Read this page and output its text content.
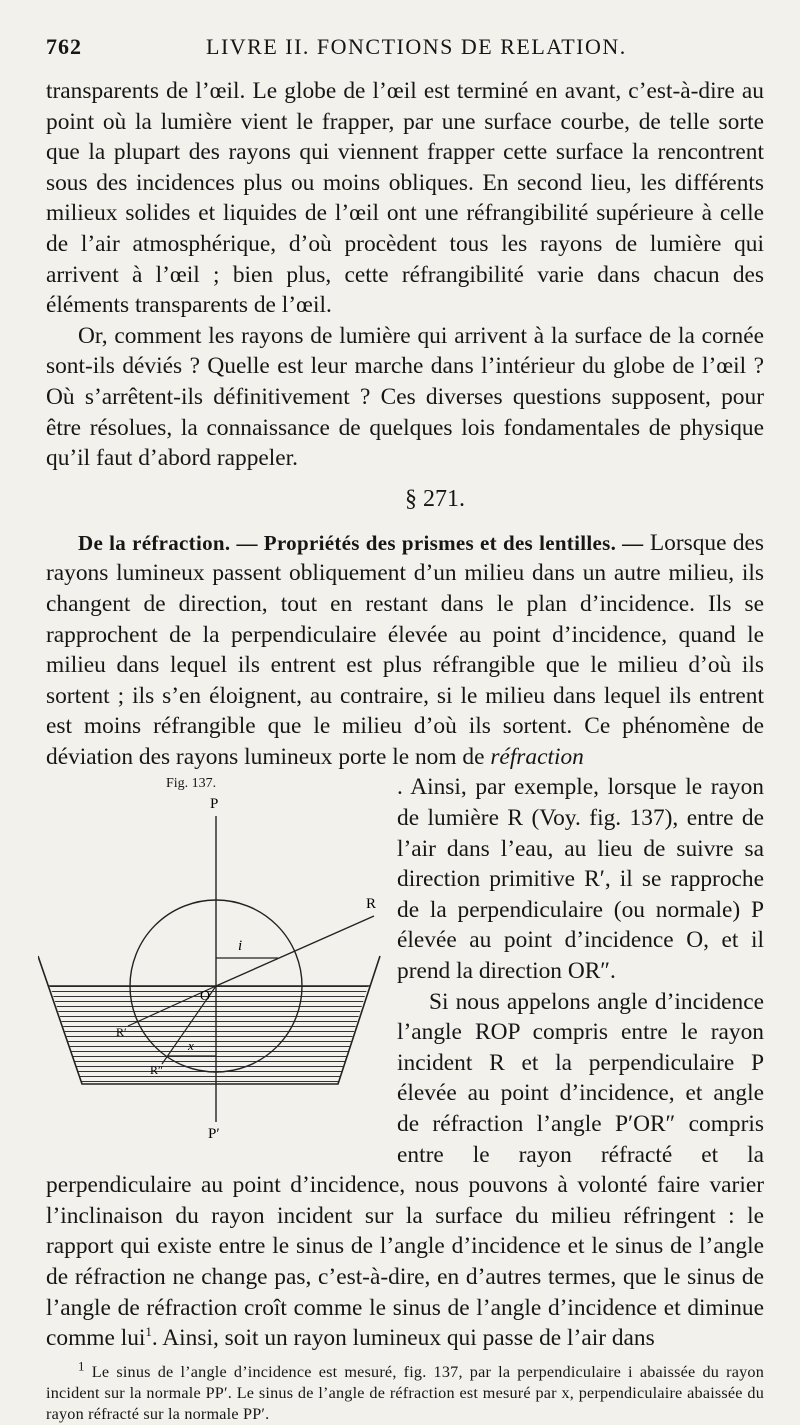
762	LIVRE II. FONCTIONS DE RELATION.

transparents de l’œil. Le globe de l’œil est terminé en avant, c’est-à-dire au point où la lumière vient le frapper, par une surface courbe, de telle sorte que la plupart des rayons qui viennent frapper cette surface la rencontrent sous des incidences plus ou moins obliques. En second lieu, les différents milieux solides et liquides de l’œil ont une réfrangibilité supérieure à celle de l’air atmosphérique, d’où procèdent tous les rayons de lumière qui arrivent à l’œil ; bien plus, cette réfrangibilité varie dans chacun des éléments transparents de l’œil.

Or, comment les rayons de lumière qui arrivent à la surface de la cornée sont-ils déviés ? Quelle est leur marche dans l’intérieur du globe de l’œil ? Où s’arrêtent-ils définitivement ? Ces diverses questions supposent, pour être résolues, la connaissance de quelques lois fondamentales de physique qu’il faut d’abord rappeler.

§ 271.

De la réfraction. — Propriétés des prismes et des lentilles. — Lorsque des rayons lumineux passent obliquement d’un milieu dans un autre milieu, ils changent de direction, tout en restant dans le plan d’incidence. Ils se rapprochent de la perpendiculaire élevée au point d’incidence, quand le milieu dans lequel ils entrent est plus réfrangible que le milieu d’où ils sortent ; ils s’en éloignent, au contraire, si le milieu dans lequel ils entrent est moins réfrangible que le milieu d’où ils sortent. Ce phénomène de déviation des rayons lumineux porte le nom de réfraction

Fig. 137.
P
P′
R
R′
R″
O
i
x

. Ainsi, par exemple, lorsque le rayon de lumière R (Voy. fig. 137), entre de l’air dans l’eau, au lieu de suivre sa direction primitive R′, il se rapproche de la perpendiculaire (ou normale) P élevée au point d’incidence O, et il prend la direction OR″.

Si nous appelons angle d’incidence l’angle ROP compris entre le rayon incident R et la perpendiculaire P élevée au point d’incidence, et angle de réfraction l’angle P′OR″ compris entre le rayon réfracté et la perpendiculaire au point d’incidence, nous pouvons à volonté faire varier l’inclinaison du rayon incident sur la surface du milieu réfringent : le rapport qui existe entre le sinus de l’angle d’incidence et le sinus de l’angle de réfraction ne change pas, c’est-à-dire, en d’autres termes, que le sinus de l’angle de réfraction croît comme le sinus de l’angle d’incidence et diminue comme lui$^1$. Ainsi, soit un rayon lumineux qui passe de l’air dans

$^1$ Le sinus de l’angle d’incidence est mesuré, fig. 137, par la perpendiculaire i abaissée du rayon incident sur la normale PP′. Le sinus de l’angle de réfraction est mesuré par x, perpendiculaire abaissée du rayon réfracté sur la normale PP′.
